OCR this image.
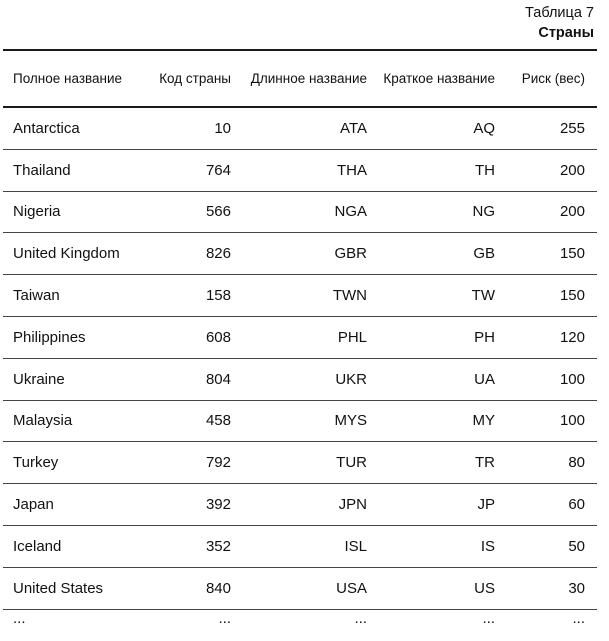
Таблица 7
Страны
Полное название	Код страны	Длинное название	Краткое название	Риск (вес)
Antarctica	10	ATA	AQ	255
Thailand	764	THA	TH	200
Nigeria	566	NGA	NG	200
United Kingdom	826	GBR	GB	150
Taiwan	158	TWN	TW	150
Philippines	608	PHL	PH	120
Ukraine	804	UKR	UA	100
Malaysia	458	MYS	MY	100
Turkey	792	TUR	TR	80
Japan	392	JPN	JP	60
Iceland	352	ISL	IS	50
United States	840	USA	US	30
...	...	...	...	...
